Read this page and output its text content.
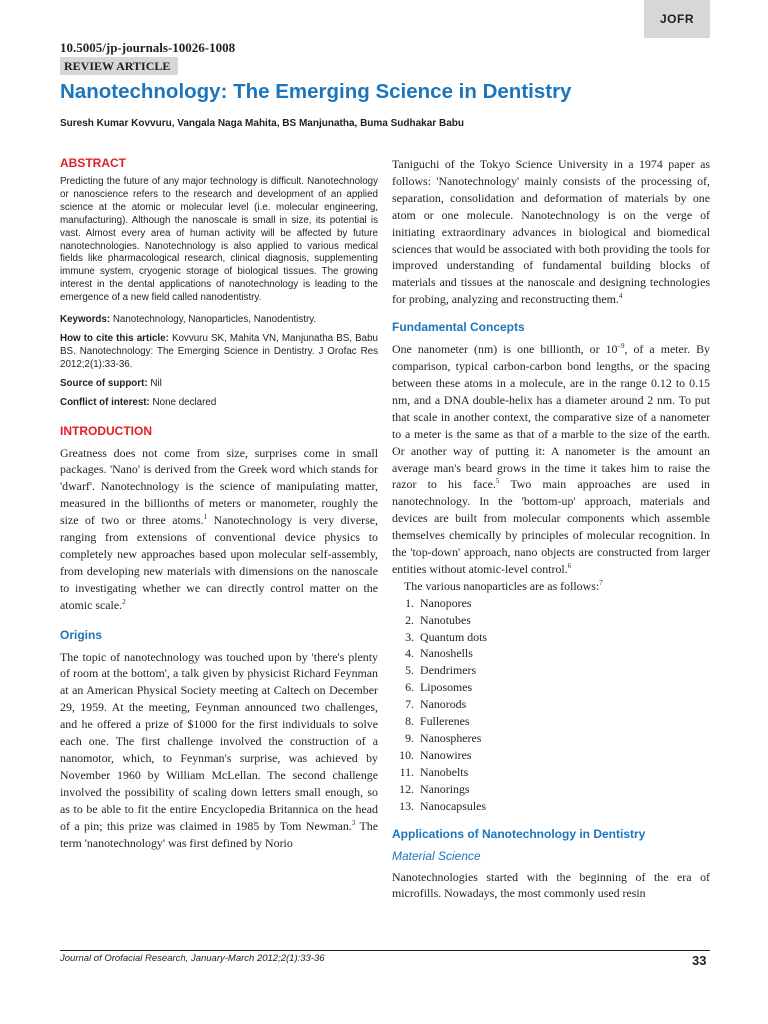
JOFR
10.5005/jp-journals-10026-1008
REVIEW ARTICLE
Nanotechnology: The Emerging Science in Dentistry
Suresh Kumar Kovvuru, Vangala Naga Mahita, BS Manjunatha, Buma Sudhakar Babu
ABSTRACT
Predicting the future of any major technology is difficult. Nanotechnology or nanoscience refers to the research and development of an applied science at the atomic or molecular level (i.e. molecular engineering, manufacturing). Although the nanoscale is small in size, its potential is vast. Almost every area of human activity will be affected by future nanotechnologies. Nanotechnology is also applied to various medical fields like pharmacological research, clinical diagnosis, supplementing immune system, cryogenic storage of biological tissues. The growing interest in the dental applications of nanotechnology is leading to the emergence of a new field called nanodentistry.
Keywords: Nanotechnology, Nanoparticles, Nanodentistry.
How to cite this article: Kovvuru SK, Mahita VN, Manjunatha BS, Babu BS. Nanotechnology: The Emerging Science in Dentistry. J Orofac Res 2012;2(1):33-36.
Source of support: Nil
Conflict of interest: None declared
INTRODUCTION
Greatness does not come from size, surprises come in small packages. 'Nano' is derived from the Greek word which stands for 'dwarf'. Nanotechnology is the science of manipulating matter, measured in the billionths of meters or manometer, roughly the size of two or three atoms.$^1$ Nanotechnology is very diverse, ranging from extensions of conventional device physics to completely new approaches based upon molecular self-assembly, from developing new materials with dimensions on the nanoscale to investigating whether we can directly control matter on the atomic scale.$^2$
Origins
The topic of nanotechnology was touched upon by 'there's plenty of room at the bottom', a talk given by physicist Richard Feynman at an American Physical Society meeting at Caltech on December 29, 1959. At the meeting, Feynman announced two challenges, and he offered a prize of $1000 for the first individuals to solve each one. The first challenge involved the construction of a nanomotor, which, to Feynman's surprise, was achieved by November 1960 by William McLellan. The second challenge involved the possibility of scaling down letters small enough, so as to be able to fit the entire Encyclopedia Britannica on the head of a pin; this prize was claimed in 1985 by Tom Newman.$^3$ The term 'nanotechnology' was first defined by Norio
Taniguchi of the Tokyo Science University in a 1974 paper as follows: 'Nanotechnology' mainly consists of the processing of, separation, consolidation and deformation of materials by one atom or one molecule. Nanotechnology is on the verge of initiating extraordinary advances in biological and biomedical sciences that would be associated with both providing the tools for improved understanding of fundamental building blocks of materials and tissues at the nanoscale and designing technologies for probing, analyzing and reconstructing them.$^4$
Fundamental Concepts
One nanometer (nm) is one billionth, or $10^{-9}$, of a meter. By comparison, typical carbon-carbon bond lengths, or the spacing between these atoms in a molecule, are in the range 0.12 to 0.15 nm, and a DNA double-helix has a diameter around 2 nm. To put that scale in another context, the comparative size of a nanometer to a meter is the same as that of a marble to the size of the earth. Or another way of putting it: A nanometer is the amount an average man's beard grows in the time it takes him to raise the razor to his face.$^5$ Two main approaches are used in nanotechnology. In the 'bottom-up' approach, materials and devices are built from molecular components which assemble themselves chemically by principles of molecular recognition. In the 'top-down' approach, nano objects are constructed from larger entities without atomic-level control.$^6$
The various nanoparticles are as follows:$^7$
1. Nanopores
2. Nanotubes
3. Quantum dots
4. Nanoshells
5. Dendrimers
6. Liposomes
7. Nanorods
8. Fullerenes
9. Nanospheres
10. Nanowires
11. Nanobelts
12. Nanorings
13. Nanocapsules
Applications of Nanotechnology in Dentistry
Material Science
Nanotechnologies started with the beginning of the era of microfills. Nowadays, the most commonly used resin
Journal of Orofacial Research, January-March 2012;2(1):33-36	33
